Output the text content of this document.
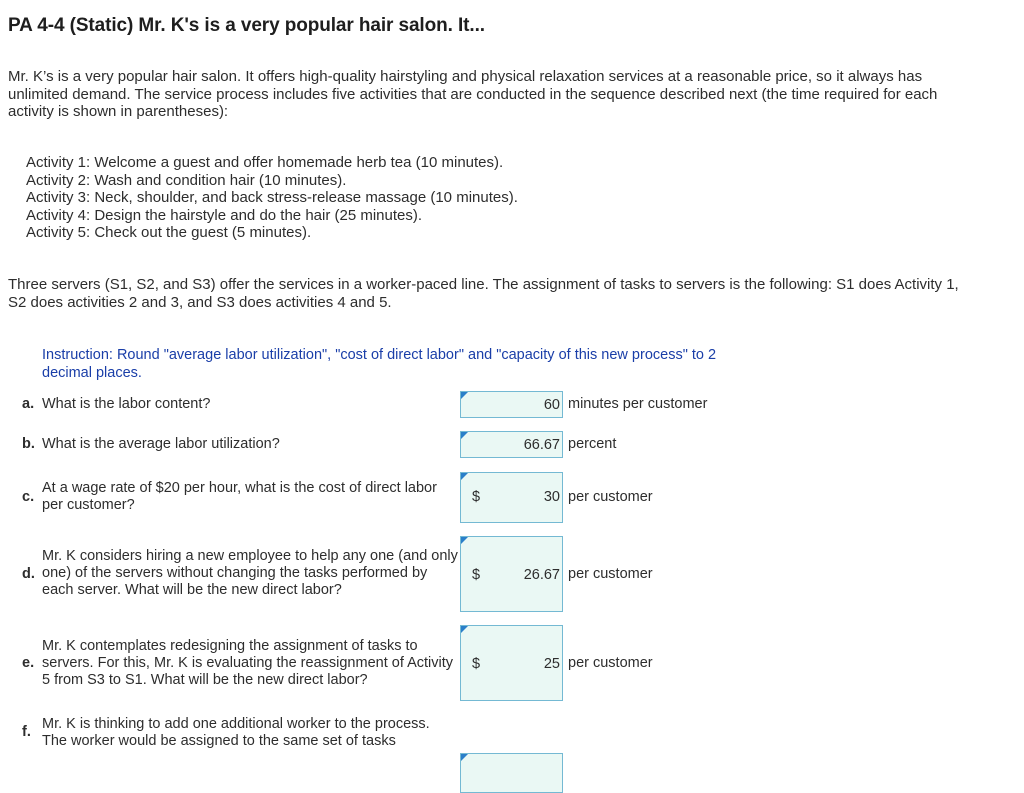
PA 4-4 (Static) Mr. K's is a very popular hair salon. It...
Mr. K’s is a very popular hair salon. It offers high-quality hairstyling and physical relaxation services at a reasonable price, so it always has unlimited demand. The service process includes five activities that are conducted in the sequence described next (the time required for each activity is shown in parentheses):
Activity 1: Welcome a guest and offer homemade herb tea (10 minutes).
Activity 2: Wash and condition hair (10 minutes).
Activity 3: Neck, shoulder, and back stress-release massage (10 minutes).
Activity 4: Design the hairstyle and do the hair (25 minutes).
Activity 5: Check out the guest (5 minutes).
Three servers (S1, S2, and S3) offer the services in a worker-paced line. The assignment of tasks to servers is the following: S1 does Activity 1, S2 does activities 2 and 3, and S3 does activities 4 and 5.
Instruction: Round "average labor utilization", "cost of direct labor" and "capacity of this new process" to 2 decimal places.
a. What is the labor content?	60 minutes per customer
b. What is the average labor utilization?	66.67 percent
c.
At a wage rate of $20 per hour, what is the cost of direct labor per customer?
$	30 per customer
d.
Mr. K considers hiring a new employee to help any one (and only one) of the servers without changing the tasks performed by each server. What will be the new direct labor?
$	26.67 per customer
e.
Mr. K contemplates redesigning the assignment of tasks to servers. For this, Mr. K is evaluating the reassignment of Activity 5 from S3 to S1. What will be the new direct labor?
$	25 per customer
f. Mr. K is thinking to add one additional worker to the process. The worker would be assigned to the same set of tasks
